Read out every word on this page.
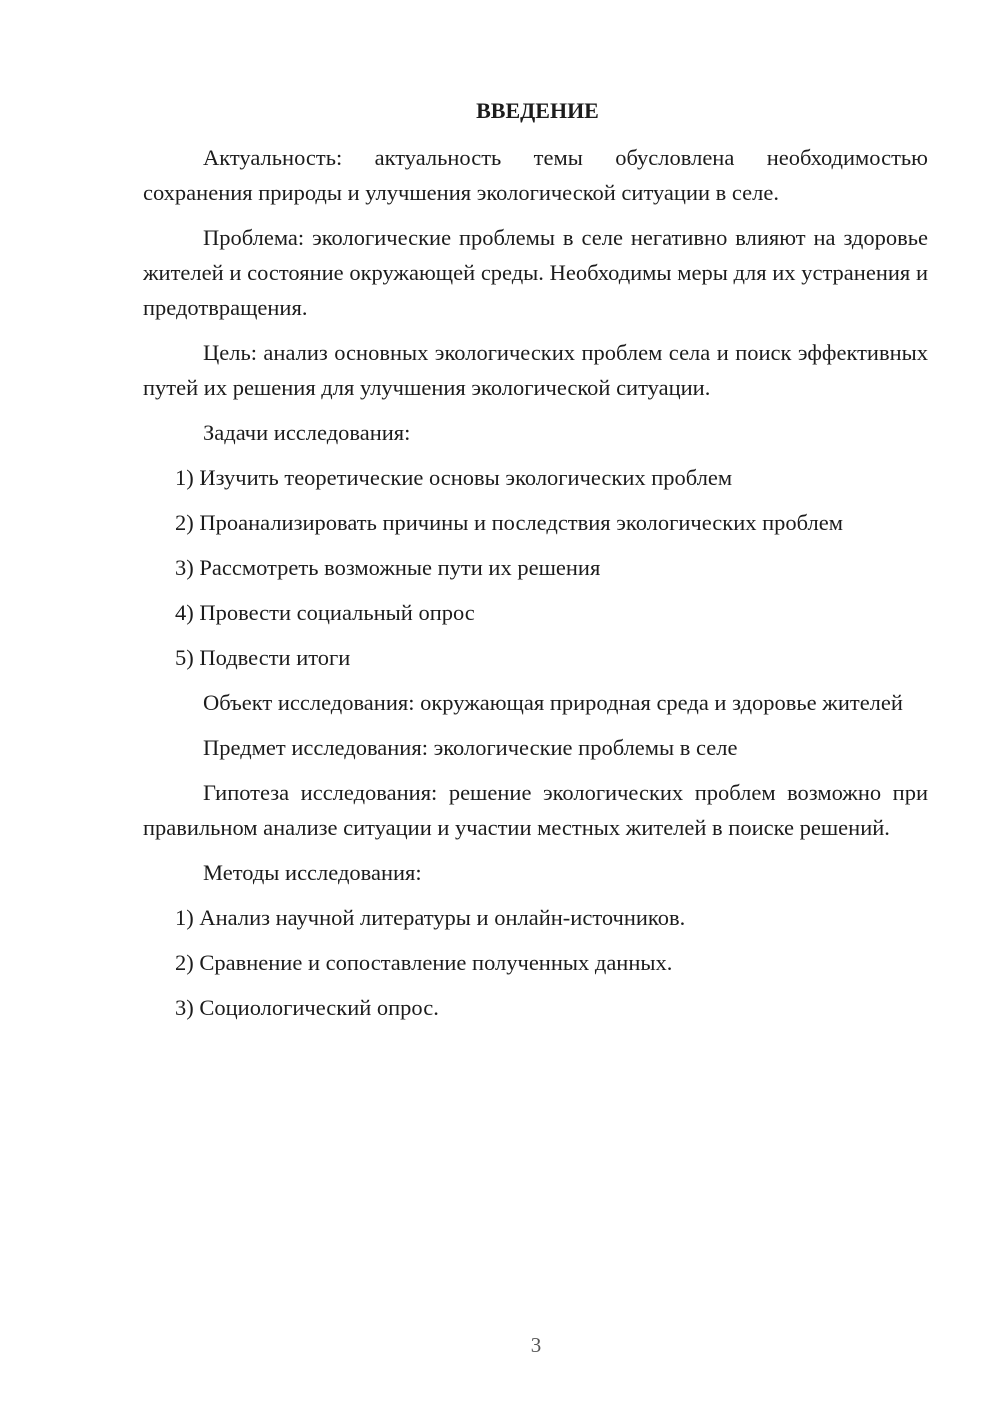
ВВЕДЕНИЕ

Актуальность: актуальность темы обусловлена необходимостью сохранения природы и улучшения экологической ситуации в селе.

Проблема: экологические проблемы в селе негативно влияют на здоровье жителей и состояние окружающей среды. Необходимы меры для их устранения и предотвращения.

Цель: анализ основных экологических проблем села и поиск эффективных путей их решения для улучшения экологической ситуации.

Задачи исследования:

1) Изучить теоретические основы экологических проблем
2) Проанализировать причины и последствия экологических проблем
3) Рассмотреть возможные пути их решения
4) Провести социальный опрос
5) Подвести итоги

Объект исследования: окружающая природная среда и здоровье жителей

Предмет исследования: экологические проблемы в селе

Гипотеза исследования: решение экологических проблем возможно при правильном анализе ситуации и участии местных жителей в поиске решений.

Методы исследования:

1) Анализ научной литературы и онлайн-источников.
2) Сравнение и сопоставление полученных данных.
3) Социологический опрос.
3
